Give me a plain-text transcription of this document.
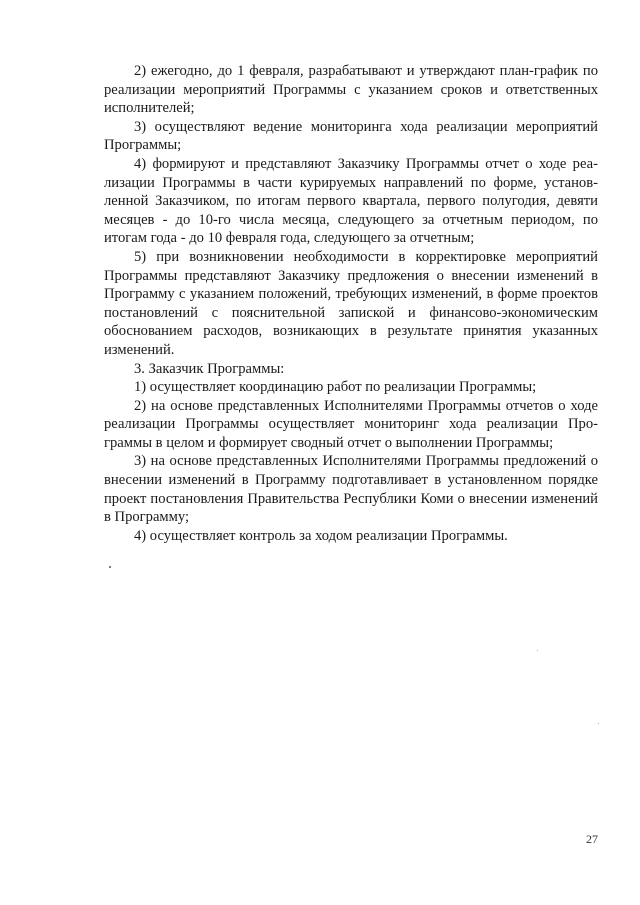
2) ежегодно, до 1 февраля, разрабатывают и утверждают план-график по реализации мероприятий Программы с указанием сроков и ответственных исполнителей;

3) осуществляют ведение мониторинга хода реализации мероприятий Программы;

4) формируют и представляют Заказчику Программы отчет о ходе реализации Программы в части курируемых направлений по форме, установленной Заказчиком, по итогам первого квартала, первого полугодия, девяти месяцев - до 10-го числа месяца, следующего за отчетным периодом, по итогам года - до 10 февраля года, следующего за отчетным;

5) при возникновении необходимости в корректировке мероприятий Программы представляют Заказчику предложения о внесении изменений в Программу с указанием положений, требующих изменений, в форме проектов постановлений с пояснительной запиской и финансово-экономическим обоснованием расходов, возникающих в результате принятия указанных изменений.

3. Заказчик Программы:

1) осуществляет координацию работ по реализации Программы;

2) на основе представленных Исполнителями Программы отчетов о ходе реализации Программы осуществляет мониторинг хода реализации Программы в целом и формирует сводный отчет о выполнении Программы;

3) на основе представленных Исполнителями Программы предложений о внесении изменений в Программу подготавливает в установленном порядке проект постановления Правительства Республики Коми о внесении изменений в Программу;

4) осуществляет контроль за ходом реализации Программы.

27
